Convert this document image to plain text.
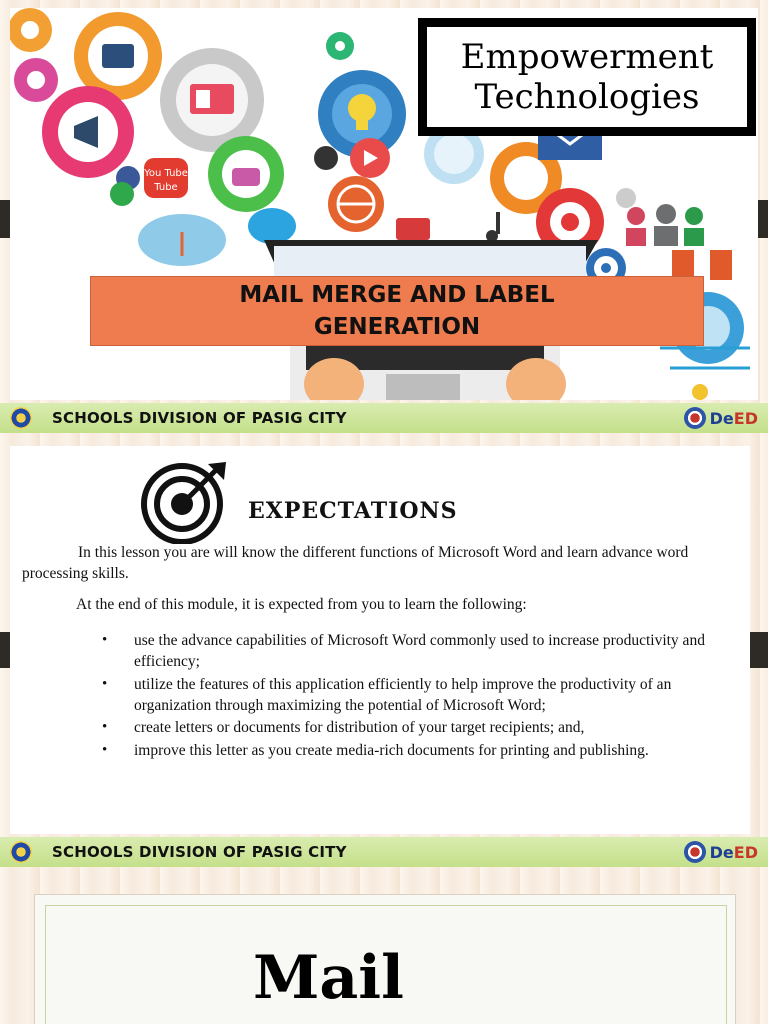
You Tube
Tube
Empowerment
Technologies
MAIL MERGE AND LABEL
GENERATION
SCHOOLS DIVISION OF PASIG CITY	DeED
EXPECTATIONS
In this lesson you are will know the different functions of Microsoft Word and learn advance word processing skills.
At the end of this module, it is expected from you to learn the following:
• use the advance capabilities of Microsoft Word commonly used to increase productivity and efficiency;
• utilize the features of this application efficiently to help improve the productivity of an organization through maximizing the potential of Microsoft Word;
• create letters or documents for distribution of your target recipients; and,
• improve this letter as you create media-rich documents for printing and publishing.
SCHOOLS DIVISION OF PASIG CITY	DeED
Mail
